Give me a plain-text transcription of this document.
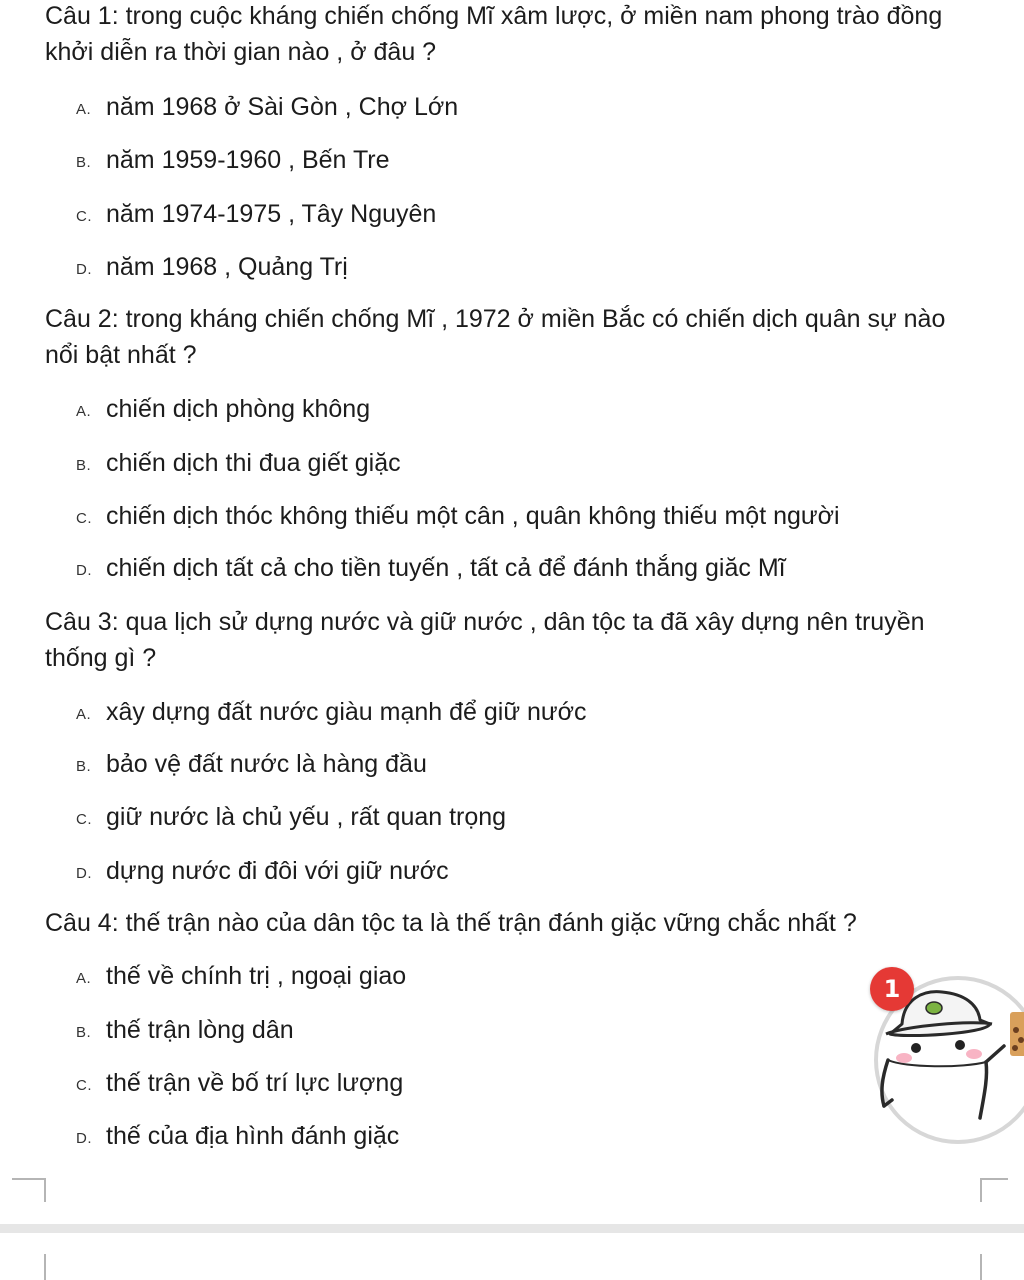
Câu 1: trong cuộc kháng chiến chống Mĩ xâm lược, ở miền nam phong trào đồng khởi diễn ra thời gian nào , ở đâu ?
A. năm 1968 ở Sài Gòn , Chợ Lớn
B. năm 1959-1960 , Bến Tre
C. năm 1974-1975 , Tây Nguyên
D. năm 1968 , Quảng Trị
Câu 2: trong kháng chiến chống Mĩ , 1972 ở miền Bắc có chiến dịch quân sự nào nổi bật nhất ?
A. chiến dịch phòng không
B. chiến dịch thi đua giết giặc
C. chiến dịch thóc không thiếu một cân , quân không thiếu một người
D. chiến dịch tất cả cho tiền tuyến , tất cả để đánh thắng giăc Mĩ
Câu 3: qua lịch sử dựng nước và giữ nước , dân tộc ta đã xây dựng nên truyền thống gì ?
A. xây dựng đất nước giàu mạnh để giữ nước
B. bảo vệ đất nước là hàng đầu
C. giữ nước là chủ yếu , rất quan trọng
D. dựng nước đi đôi với giữ nước
Câu 4: thế trận nào của dân tộc ta là thế trận đánh giặc vững chắc nhất ?
A. thế về chính trị , ngoại giao
B. thế trận lòng dân
C. thế trận về bố trí lực lượng
D. thế của địa hình đánh giặc
1
